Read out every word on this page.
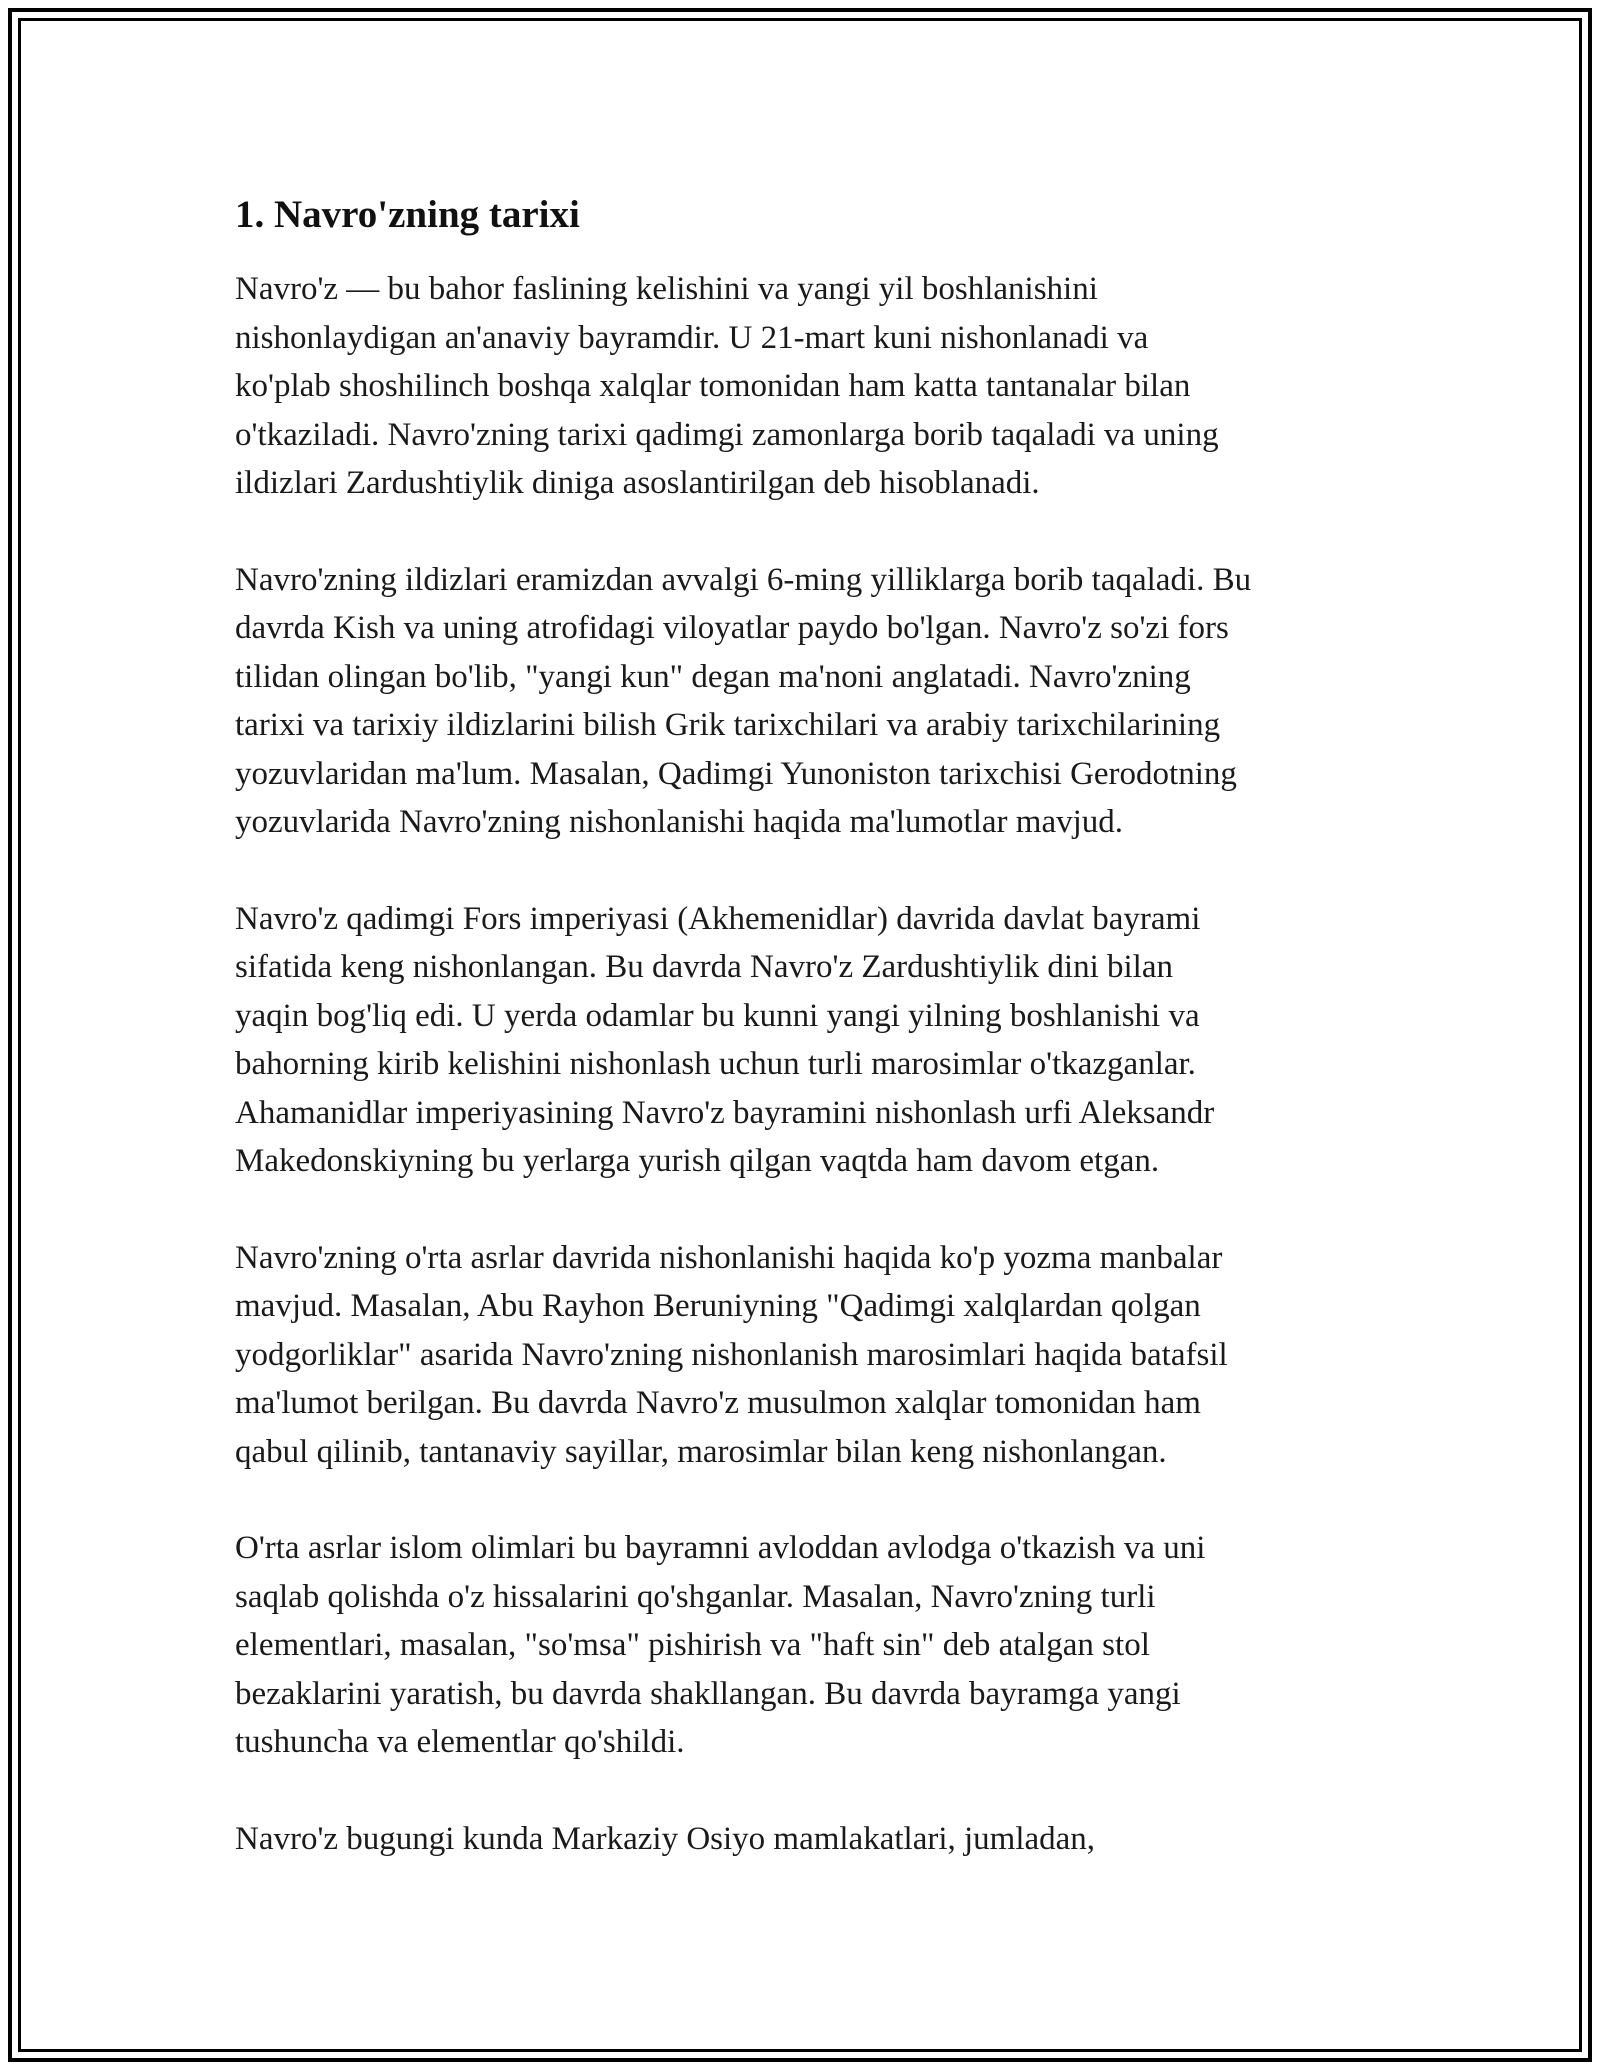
1. Navro'zning tarixi

Navro'z — bu bahor faslining kelishini va yangi yil boshlanishini
nishonlaydigan an'anaviy bayramdir. U 21-mart kuni nishonlanadi va
ko'plab shoshilinch boshqa xalqlar tomonidan ham katta tantanalar bilan
o'tkaziladi. Navro'zning tarixi qadimgi zamonlarga borib taqaladi va uning
ildizlari Zardushtiylik diniga asoslantirilgan deb hisoblanadi.

Navro'zning ildizlari eramizdan avvalgi 6-ming yilliklarga borib taqaladi. Bu
davrda Kish va uning atrofidagi viloyatlar paydo bo'lgan. Navro'z so'zi fors
tilidan olingan bo'lib, "yangi kun" degan ma'noni anglatadi. Navro'zning
tarixi va tarixiy ildizlarini bilish Grik tarixchilari va arabiy tarixchilarining
yozuvlaridan ma'lum. Masalan, Qadimgi Yunoniston tarixchisi Gerodotning
yozuvlarida Navro'zning nishonlanishi haqida ma'lumotlar mavjud.

Navro'z qadimgi Fors imperiyasi (Akhemenidlar) davrida davlat bayrami
sifatida keng nishonlangan. Bu davrda Navro'z Zardushtiylik dini bilan
yaqin bog'liq edi. U yerda odamlar bu kunni yangi yilning boshlanishi va
bahorning kirib kelishini nishonlash uchun turli marosimlar o'tkazganlar.
Ahamanidlar imperiyasining Navro'z bayramini nishonlash urfi Aleksandr
Makedonskiyning bu yerlarga yurish qilgan vaqtda ham davom etgan.

Navro'zning o'rta asrlar davrida nishonlanishi haqida ko'p yozma manbalar
mavjud. Masalan, Abu Rayhon Beruniyning "Qadimgi xalqlardan qolgan
yodgorliklar" asarida Navro'zning nishonlanish marosimlari haqida batafsil
ma'lumot berilgan. Bu davrda Navro'z musulmon xalqlar tomonidan ham
qabul qilinib, tantanaviy sayillar, marosimlar bilan keng nishonlangan.

O'rta asrlar islom olimlari bu bayramni avloddan avlodga o'tkazish va uni
saqlab qolishda o'z hissalarini qo'shganlar. Masalan, Navro'zning turli
elementlari, masalan, "so'msa" pishirish va "haft sin" deb atalgan stol
bezaklarini yaratish, bu davrda shakllangan. Bu davrda bayramga yangi
tushuncha va elementlar qo'shildi.

Navro'z bugungi kunda Markaziy Osiyo mamlakatlari, jumladan,
